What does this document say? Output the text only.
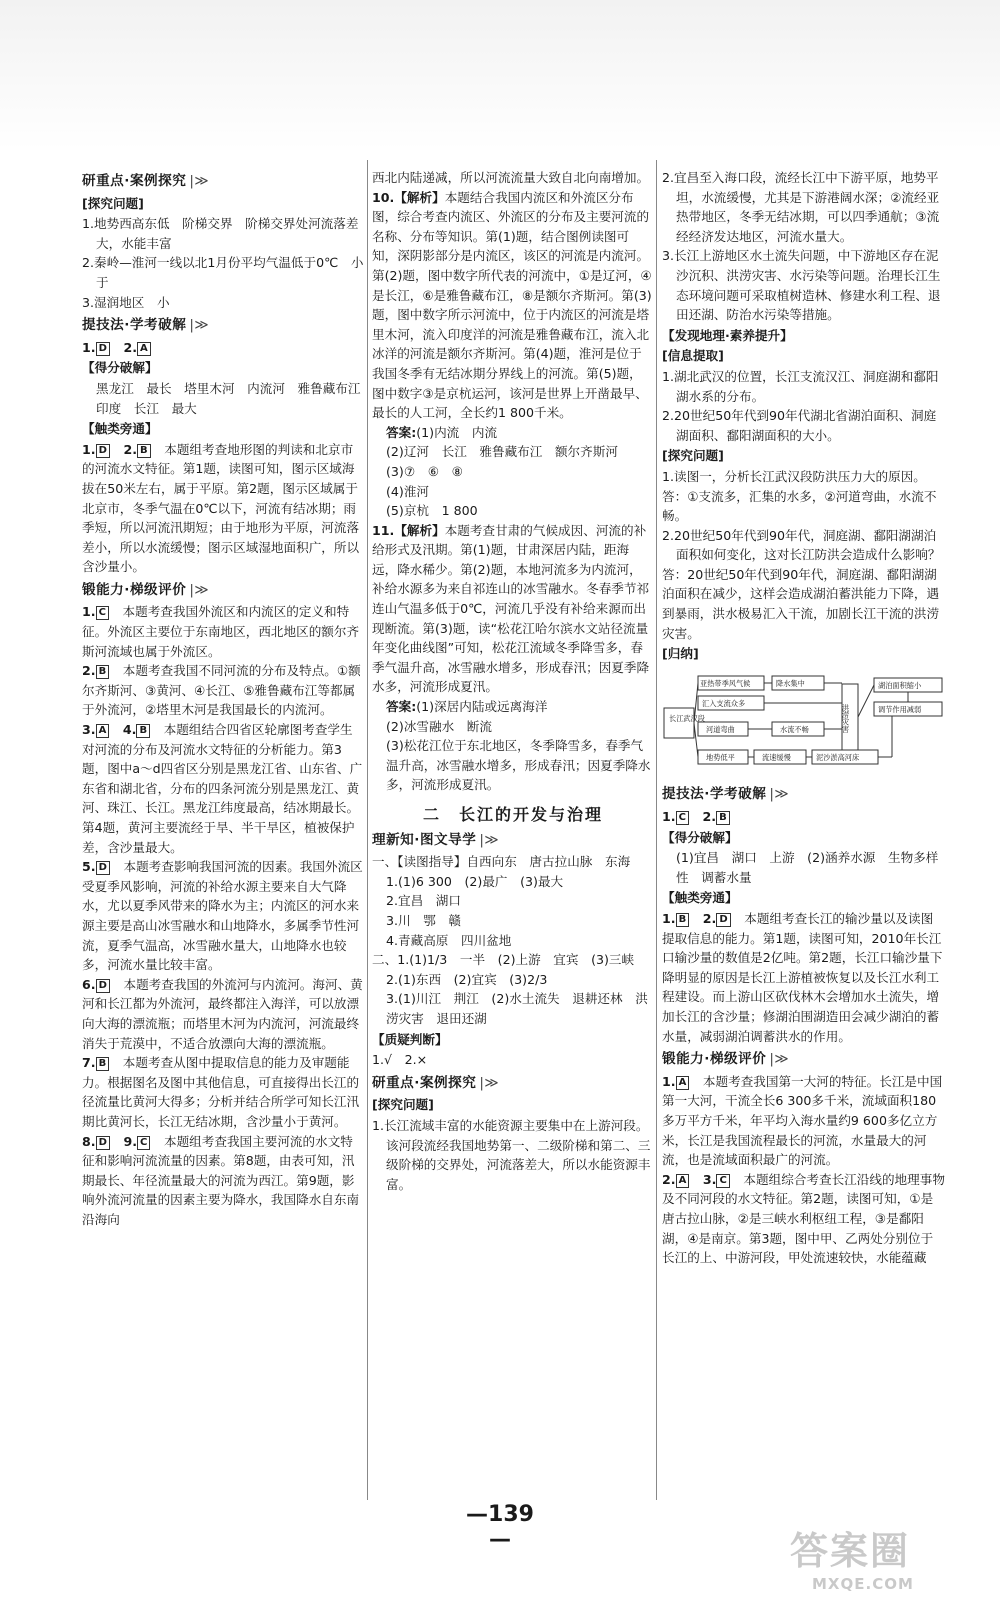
研重点·案例探究 |≫
[探究问题]

1.地势西高东低　阶梯交界　阶梯交界处河流落差大，水能丰富

2.秦岭—淮河一线以北1月份平均气温低于0℃　小于

3.湿润地区　小

提技法·学考破解 |≫

1. D　 2. A

【得分破解】

黑龙江　最长　塔里木河　内流河　雅鲁藏布江　印度　长江　最大

【触类旁通】

1. D　 2. B　 本题组考查地形图的判读和北京市的河流水文特征。第1题，读图可知，图示区域海拔在50米左右，属于平原。第2题，图示区域属于北京市，冬季气温在0℃以下，河流有结冰期；雨季短，所以河流汛期短；由于地形为平原，河流落差小，所以水流缓慢；图示区域湿地面积广，所以含沙量小。

锻能力·梯级评价 |≫

1. C　 本题考查我国外流区和内流区的定义和特征。外流区主要位于东南地区，西北地区的额尔齐斯河流域也属于外流区。

2. B　 本题考查我国不同河流的分布及特点。①额尔齐斯河、③黄河、④长江、⑤雅鲁藏布江等都属于外流河，②塔里木河是我国最长的内流河。

3. A　 4. B　 本题组结合四省区轮廓图考查学生对河流的分布及河流水文特征的分析能力。第3题，图中a～d四省区分别是黑龙江省、山东省、广东省和湖北省，分布的四条河流分别是黑龙江、黄河、珠江、长江。黑龙江纬度最高，结冰期最长。第4题，黄河主要流经于旱、半干旱区，植被保护差，含沙量最大。

5. D　 本题考查影响我国河流的因素。我国外流区受夏季风影响，河流的补给水源主要来自大气降水，尤以夏季风带来的降水为主；内流区的河水来源主要是高山冰雪融水和山地降水，多属季节性河流，夏季气温高，冰雪融水量大，山地降水也较多，河流水量比较丰富。

6. D　 本题考查我国的外流河与内流河。海河、黄河和长江都为外流河，最终都注入海洋，可以放漂向大海的漂流瓶；而塔里木河为内流河，河流最终消失于荒漠中，不适合放漂向大海的漂流瓶。

7. B　 本题考查从图中提取信息的能力及审题能力。根据图名及图中其他信息，可直接得出长江的径流量比黄河大得多；分析并结合所学可知长江汛期比黄河长，长江无结冰期，含沙量小于黄河。

8. D　 9. C　 本题组考查我国主要河流的水文特征和影响河流流量的因素。第8题，由表可知，汛期最长、年径流量最大的河流为西江。第9题，影响外流河流量的因素主要为降水，我国降水自东南沿海向

西北内陆递减，所以河流流量大致自北向南增加。

10.【解析】本题结合我国内流区和外流区分布图，综合考查内流区、外流区的分布及主要河流的名称、分布等知识。第(1)题，结合图例读图可知，深阴影部分是内流区，该区的河流是内流河。第(2)题，图中数字所代表的河流中，①是辽河，④是长江，⑥是雅鲁藏布江，⑧是额尔齐斯河。第(3)题，图中数字所示河流中，位于内流区的河流是塔里木河，流入印度洋的河流是雅鲁藏布江，流入北冰洋的河流是额尔齐斯河。第(4)题，淮河是位于我国冬季有无结冰期分界线上的河流。第(5)题，图中数字③是京杭运河，该河是世界上开凿最早、最长的人工河，全长约1 800千米。

答案:(1)内流　内流

(2)辽河　长江　雅鲁藏布江　额尔齐斯河

(3)⑦　⑥　⑧

(4)淮河

(5)京杭　1 800

11.【解析】本题考查甘肃的气候成因、河流的补给形式及汛期。第(1)题，甘肃深居内陆，距海远，降水稀少。第(2)题，本地河流多为内流河，补给水源多为来自祁连山的冰雪融水。冬春季节祁连山气温多低于0℃，河流几乎没有补给来源而出现断流。第(3)题，读“松花江哈尔滨水文站径流量年变化曲线图”可知，松花江流域冬季降雪多，春季气温升高，冰雪融水增多，形成春汛；因夏季降水多，河流形成夏汛。

答案:(1)深居内陆或远离海洋

(2)冰雪融水　断流

(3)松花江位于东北地区，冬季降雪多，春季气温升高，冰雪融水增多，形成春汛；因夏季降水多，河流形成夏汛。

二　长江的开发与治理
理新知·图文导学 |≫

一、【读图指导】自西向东　唐古拉山脉　东海

1.(1)6 300　(2)最广　(3)最大

2.宜昌　湖口

3.川　鄂　赣

4.青藏高原　四川盆地

二、1.(1)1/3　一半　(2)上游　宜宾　(3)三峡

2.(1)东西　(2)宜宾　(3)2/3

3.(1)川江　荆江　(2)水土流失　退耕还林　洪涝灾害　退田还湖

【质疑判断】

1.√　2.×

研重点·案例探究 |≫
[探究问题]

1.长江流域丰富的水能资源主要集中在上游河段。该河段流经我国地势第一、二级阶梯和第二、三级阶梯的交界处，河流落差大，所以水能资源丰富。

2.宜昌至入海口段，流经长江中下游平原，地势平坦，水流缓慢，尤其是下游港阔水深；②流经亚热带地区，冬季无结冰期，可以四季通航；③流经经济发达地区，河流水量大。

3.长江上游地区水土流失问题，中下游地区存在泥沙沉积、洪涝灾害、水污染等问题。治理长江生态环境问题可采取植树造林、修建水利工程、退田还湖、防治水污染等措施。

【发现地理·素养提升】
[信息提取]

1.湖北武汉的位置，长江支流汉江、洞庭湖和鄱阳湖水系的分布。

2.20世纪50年代到90年代湖北省湖泊面积、洞庭湖面积、鄱阳湖面积的大小。

[探究问题]

1.读图一，分析长江武汉段防洪压力大的原因。

答：①支流多，汇集的水多，②河道弯曲，水流不畅。

2.20世纪50年代到90年代，洞庭湖、鄱阳湖湖泊面积如何变化，这对长江防洪会造成什么影响？

答：20世纪50年代到90年代，洞庭湖、鄱阳湖湖泊面积在减少，这样会造成湖泊蓄洪能力下降，遇到暴雨，洪水极易汇入干流，加剧长江干流的洪涝灾害。

[归纳]
长江武汉段
亚热带季风气候	降水集中
汇入支流众多
河道弯曲	水流不畅
地势低平	流速缓慢	泥沙淤高河床
洪涝灾害
湖泊面积缩小
调节作用减弱
提技法·学考破解 |≫

1. C　 2. B

【得分破解】

(1)宜昌　湖口　上游　(2)涵养水源　生物多样性　调蓄水量

【触类旁通】

1. B　 2. D　 本题组考查长江的输沙量以及读图提取信息的能力。第1题，读图可知，2010年长江口输沙量的数值是2亿吨。第2题，长江口输沙量下降明显的原因是长江上游植被恢复以及长江水利工程建设。而上游山区砍伐林木会增加水土流失，增加长江的含沙量；修湖泊围湖造田会减少湖泊的蓄水量，减弱湖泊调蓄洪水的作用。

锻能力·梯级评价 |≫

1. A　 本题考查我国第一大河的特征。长江是中国第一大河，干流全长6 300多千米，流域面积180多万平方千米，年平均入海水量约9 600多亿立方米，长江是我国流程最长的河流，水量最大的河流，也是流域面积最广的河流。

2. A　 3. C　 本题组综合考查长江沿线的地理事物及不同河段的水文特征。第2题，读图可知，①是唐古拉山脉，②是三峡水利枢纽工程，③是鄱阳湖，④是南京。第3题，图中甲、乙两处分别位于长江的上、中游河段，甲处流速较快，水能蕴藏

—139—	答案圈
MXQE.COM
